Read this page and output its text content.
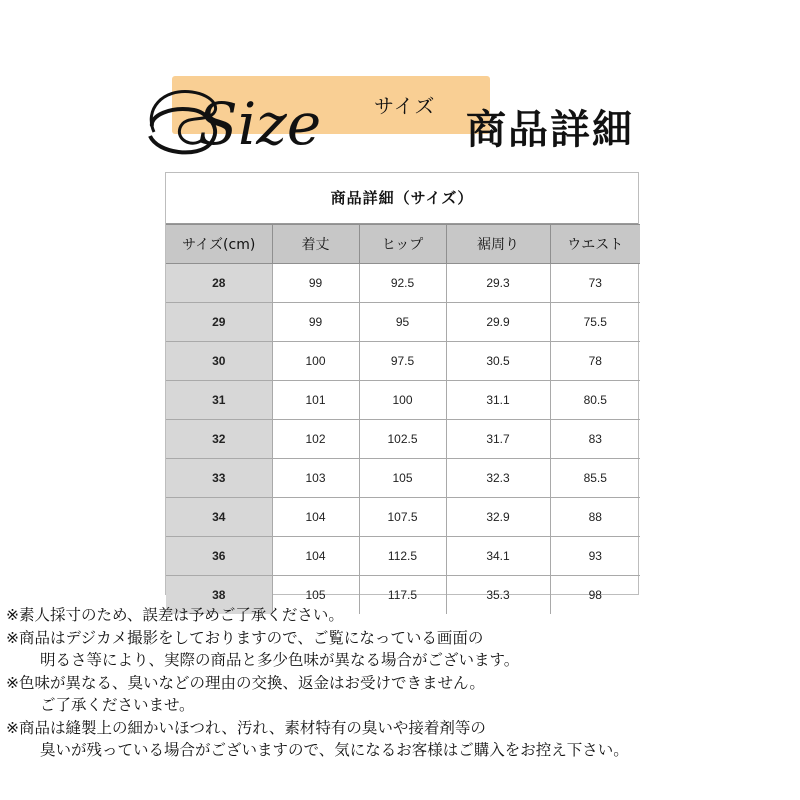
Size	サイズ 商品詳細
商品詳細（サイズ）
サイズ(cm)	着丈	ヒップ	裾周り	ウエスト
28	99	92.5	29.3	73
29	99	95	29.9	75.5
30	100	97.5	30.5	78
31	101	100	31.1	80.5
32	102	102.5	31.7	83
33	103	105	32.3	85.5
34	104	107.5	32.9	88
36	104	112.5	34.1	93
38	105	117.5	35.3	98
※素人採寸のため、誤差は予めご了承ください。
※商品はデジカメ撮影をしておりますので、ご覧になっている画面の
明るさ等により、実際の商品と多少色味が異なる場合がございます。
※色味が異なる、臭いなどの理由の交換、返金はお受けできません。
ご了承くださいませ。
※商品は縫製上の細かいほつれ、汚れ、素材特有の臭いや接着剤等の
臭いが残っている場合がございますので、気になるお客様はご購入をお控え下さい。
